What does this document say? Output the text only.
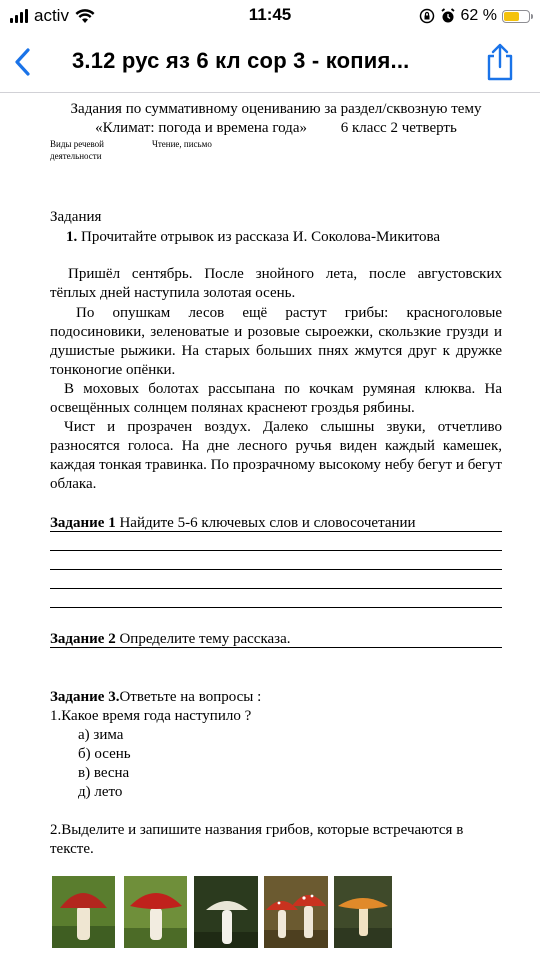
activ	11:45	62 %
3.12 рус яз 6 кл сор 3 - копия...
Задания по суммативному оцениванию за раздел/сквозную тему
«Климат: погода и времена года»         6 класс 2 четверть
Виды речевой
деятельности
Чтение, письмо
Задания
1. Прочитайте отрывок из рассказа И. Соколова-Микитова
Пришёл сентябрь. После знойного лета, после августовских тёплых дней наступила золотая осень.
По опушкам лесов ещё растут грибы: красноголовые подосиновики, зеленоватые и розовые сыроежки, скользкие грузди и душистые рыжики. На старых больших пнях жмутся друг к дружке тонконогие опёнки.
В моховых болотах рассыпана по кочкам румяная клюква. На освещённых солнцем полянах краснеют гроздья рябины.
Чист и прозрачен воздух. Далеко слышны звуки, отчетливо разносятся голоса. На дне лесного ручья виден каждый камешек, каждая тонкая травинка. По прозрачному высокому небу бегут и бегут облака.
Задание 1 Найдите 5-6 ключевых слов и словосочетании
Задание 2 Определите тему рассказа.
Задание 3.Ответьте на вопросы :
1.Какое время года наступило ?
а) зима
б) осень
в) весна
д) лето
2.Выделите и запишите названия грибов, которые встречаются в тексте.
